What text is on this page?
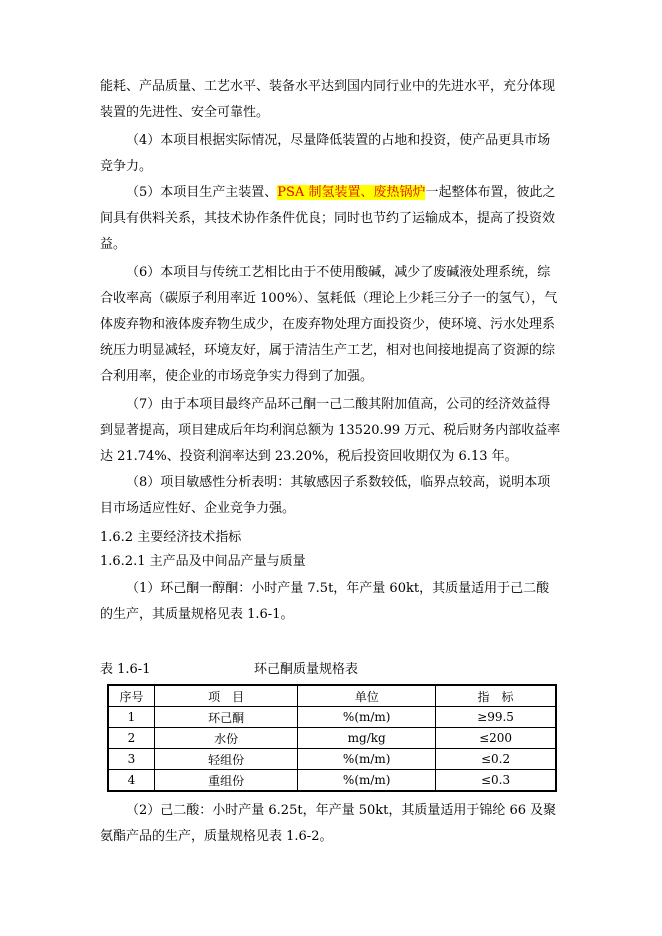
能耗、产品质量、工艺水平、装备水平达到国内同行业中的先进水平，充分体现装置的先进性、安全可靠性。

（4）本项目根据实际情况，尽量降低装置的占地和投资，使产品更具市场竞争力。

（5）本项目生产主装置、PSA 制氢装置、废热锅炉一起整体布置，彼此之间具有供料关系，其技术协作条件优良；同时也节约了运输成本，提高了投资效益。

（6）本项目与传统工艺相比由于不使用酸碱，减少了废碱液处理系统，综合收率高（碳原子利用率近 100%）、氢耗低（理论上少耗三分子一的氢气），气体废弃物和液体废弃物生成少，在废弃物处理方面投资少，使环境、污水处理系统压力明显减轻，环境友好，属于清洁生产工艺，相对也间接地提高了资源的综合利用率，使企业的市场竞争实力得到了加强。

（7）由于本项目最终产品环己酮一己二酸其附加值高，公司的经济效益得到显著提高，项目建成后年均利润总额为 13520.99 万元、税后财务内部收益率达 21.74%、投资利润率达到 23.20%，税后投资回收期仅为 6.13 年。

（8）项目敏感性分析表明：其敏感因子系数较低，临界点较高，说明本项目市场适应性好、企业竞争力强。

1.6.2 主要经济技术指标

1.6.2.1 主产品及中间品产量与质量

（1）环己酮一醇酮：小时产量 7.5t，年产量 60kt，其质量适用于己二酸的生产，其质量规格见表 1.6-1。

表 1.6-1	环己酮质量规格表
序号	项　目	单位	指　标
1	环己酮	%(m/m)	≥99.5
2	水份	mg/kg	≤200
3	轻组份	%(m/m)	≤0.2
4	重组份	%(m/m)	≤0.3

（2）己二酸：小时产量 6.25t，年产量 50kt，其质量适用于锦纶 66 及聚氨酯产品的生产，质量规格见表 1.6-2。
